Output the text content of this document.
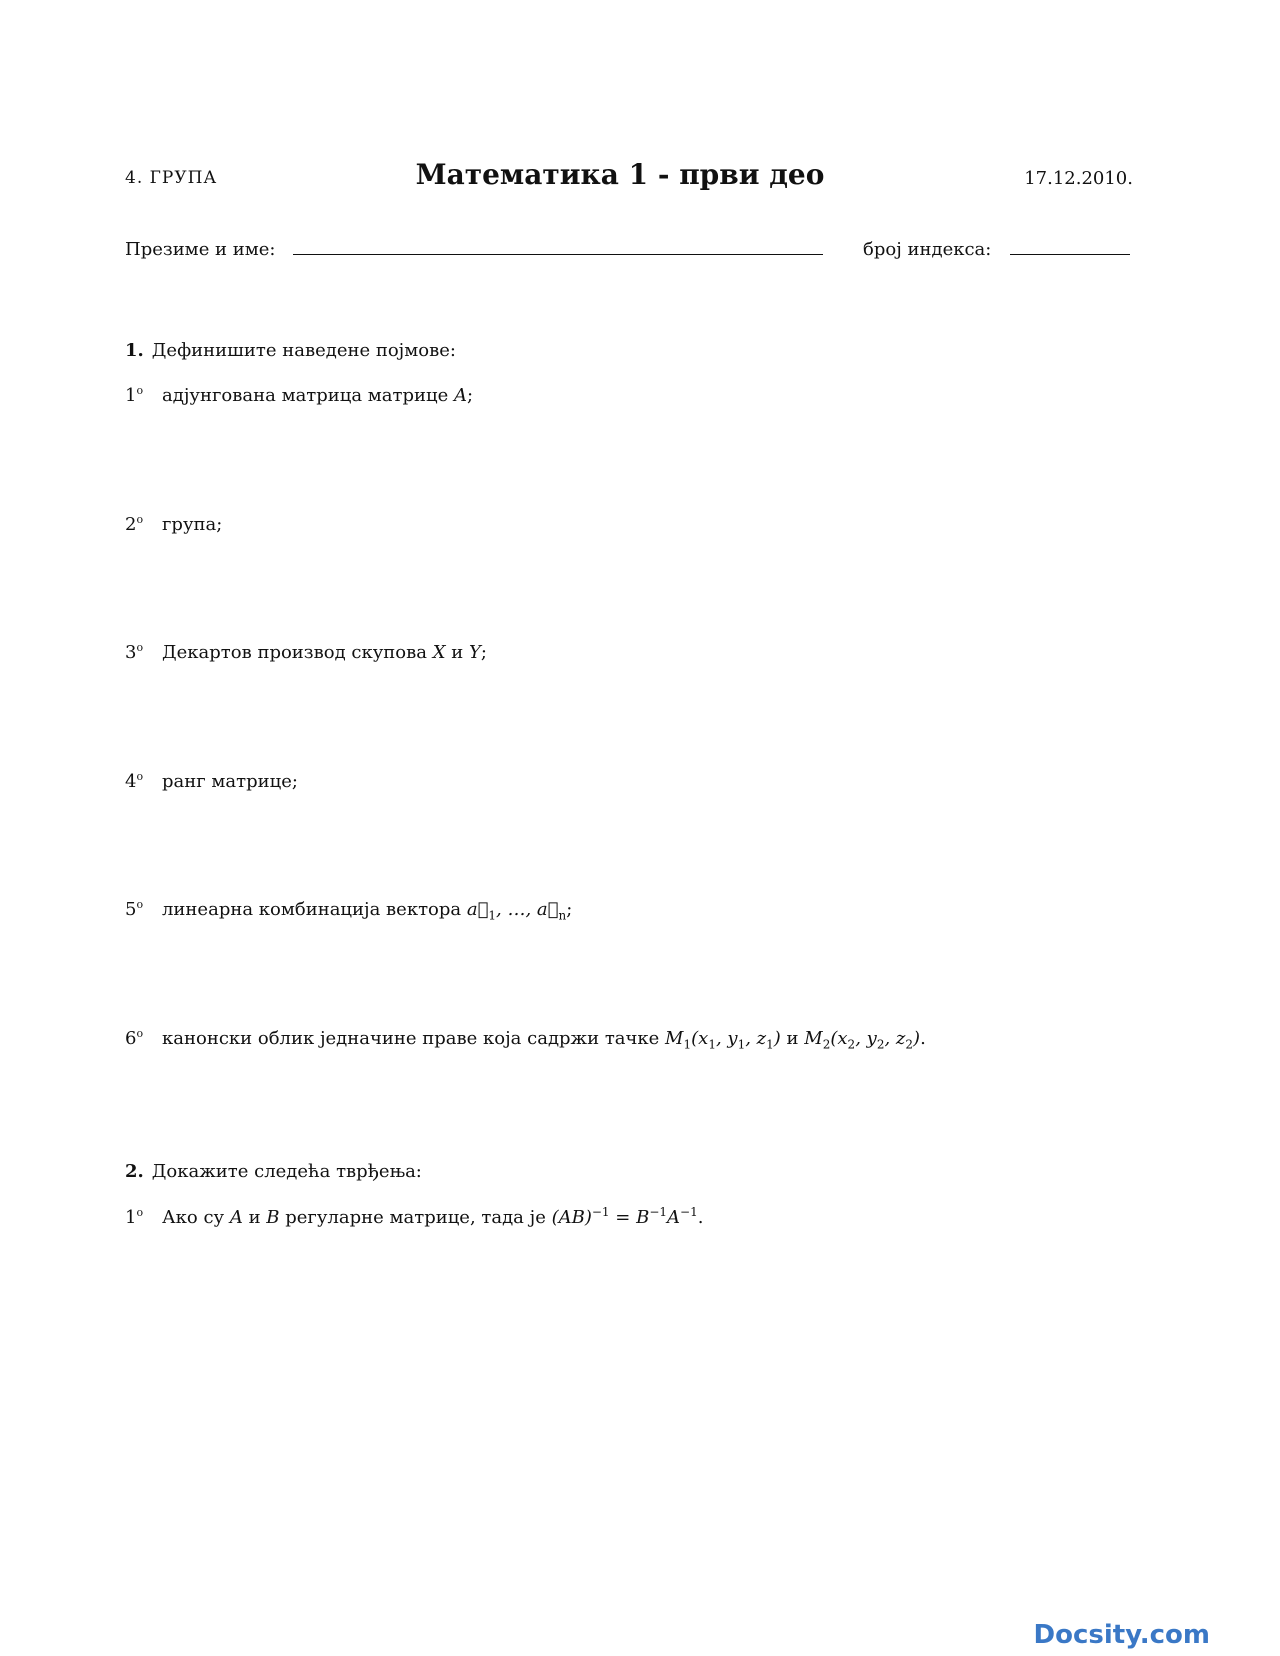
4. ГРУПА	Математика 1 - први део	17.12.2010.
Презиме и име:	број индекса:
1. Дефинишите наведене појмове:
1$^o$ адјунгована матрица матрице A;
2$^o$ група;
3$^o$ Декартов производ скупова X и Y;
4$^o$ ранг матрице;
5$^o$ линеарна комбинација вектора $a⃗_1$, …, $a⃗_n$;
6$^o$ канонски облик једначине праве која садржи тачке $M_1(x_1$, $y_1$, $z_1$) и $M_2(x_2$, $y_2$, $z_2$).
2. Докажите следећа тврђења:
1$^o$ Ако су A и B регуларне матрице, тада је $(AB)^{-1} = B^{-1}A^{-1}$.
Docsity.com
